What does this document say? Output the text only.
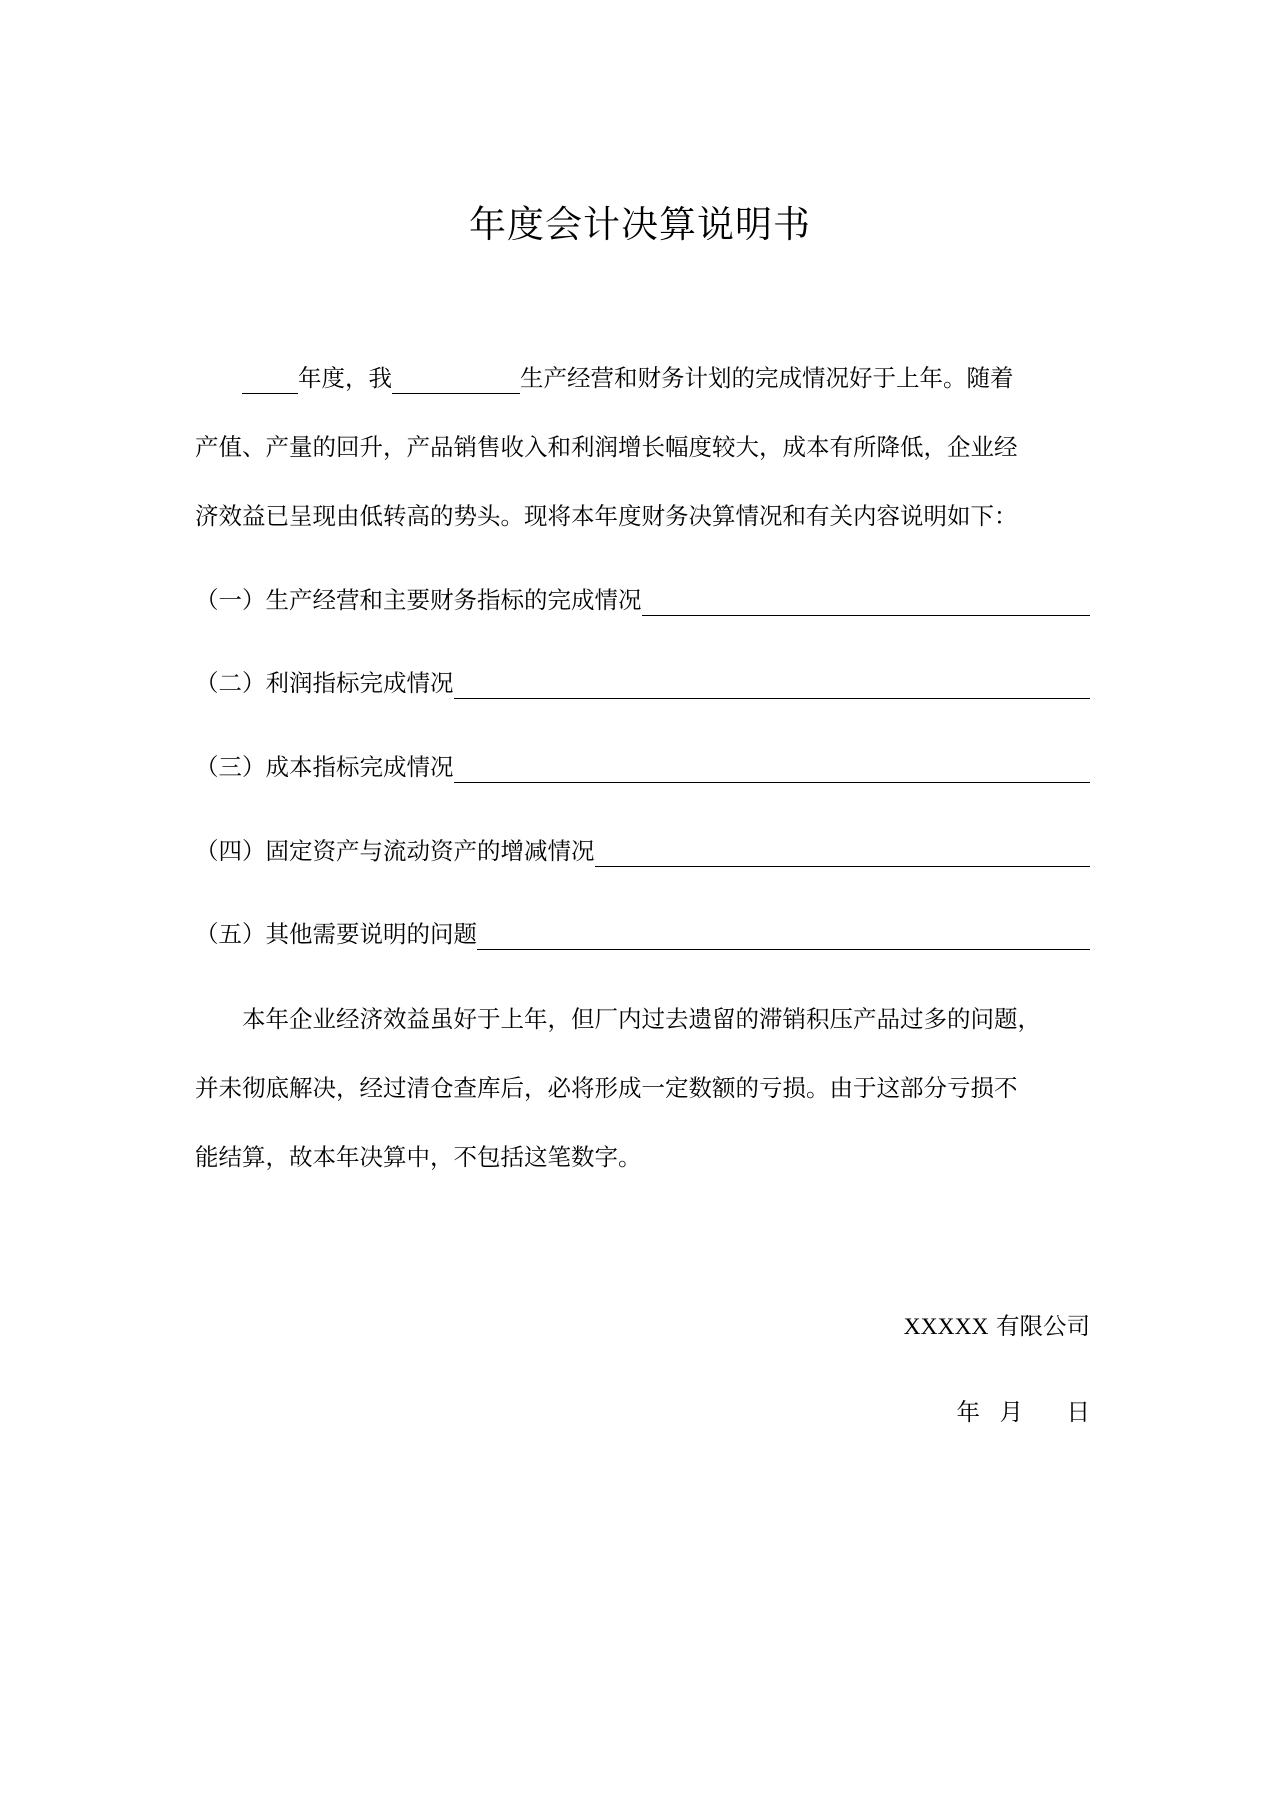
年度会计决算说明书
年度，我	生产经营和财务计划的完成情况好于上年。随着
产值、产量的回升，产品销售收入和利润增长幅度较大，成本有所降低，企业经
济效益已呈现由低转高的势头。现将本年度财务决算情况和有关内容说明如下：
（一）生产经营和主要财务指标的完成情况
（二）利润指标完成情况
（三）成本指标完成情况
（四）固定资产与流动资产的增减情况
（五）其他需要说明的问题
本年企业经济效益虽好于上年，但厂内过去遗留的滞销积压产品过多的问题，
并未彻底解决，经过清仓查库后，必将形成一定数额的亏损。由于这部分亏损不
能结算，故本年决算中，不包括这笔数字。
XXXXX 有限公司
年 月 日
